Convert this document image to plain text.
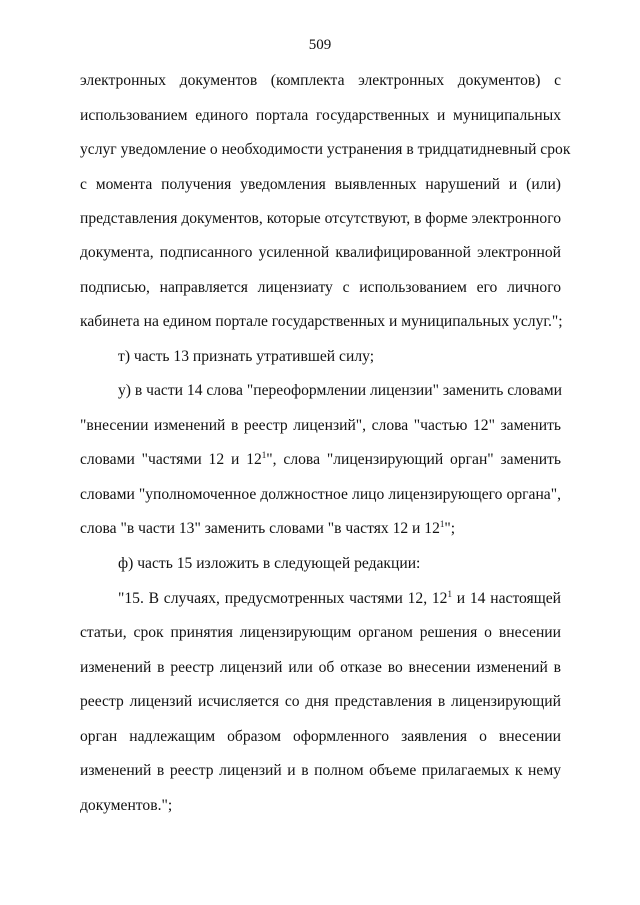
509
электронных документов (комплекта электронных документов) с
использованием единого портала государственных и муниципальных
услуг уведомление о необходимости устранения в тридцатидневный срок
с момента получения уведомления выявленных нарушений и (или)
представления документов, которые отсутствуют, в форме электронного
документа, подписанного усиленной квалифицированной электронной
подписью, направляется лицензиату с использованием его личного
кабинета на едином портале государственных и муниципальных услуг.";
т) часть 13 признать утратившей силу;
у) в части 14 слова "переоформлении лицензии" заменить словами
"внесении изменений в реестр лицензий", слова "частью 12" заменить
словами "частями 12 и $12^1$", слова "лицензирующий орган" заменить
словами "уполномоченное должностное лицо лицензирующего органа",
слова "в части 13" заменить словами "в частях 12 и $12^1$";
ф) часть 15 изложить в следующей редакции:
"15. В случаях, предусмотренных частями 12, $12^1$ и 14 настоящей
статьи, срок принятия лицензирующим органом решения о внесении
изменений в реестр лицензий или об отказе во внесении изменений в
реестр лицензий исчисляется со дня представления в лицензирующий
орган надлежащим образом оформленного заявления о внесении
изменений в реестр лицензий и в полном объеме прилагаемых к нему
документов.";
